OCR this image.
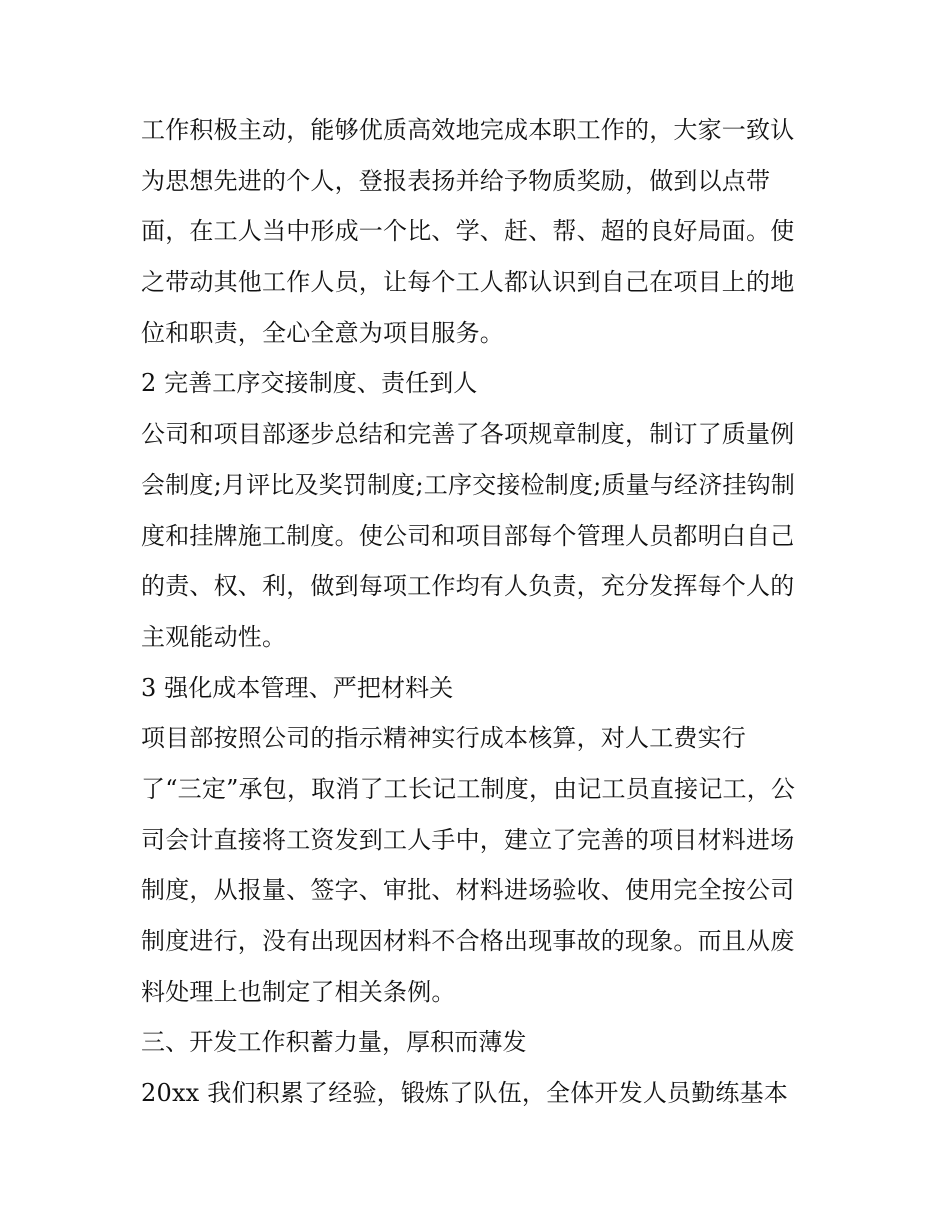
工作积极主动，能够优质高效地完成本职工作的，大家一致认
为思想先进的个人，登报表扬并给予物质奖励，做到以点带
面，在工人当中形成一个比、学、赶、帮、超的良好局面。使
之带动其他工作人员，让每个工人都认识到自己在项目上的地
位和职责，全心全意为项目服务。
2 完善工序交接制度、责任到人
公司和项目部逐步总结和完善了各项规章制度，制订了质量例
会制度;月评比及奖罚制度;工序交接检制度;质量与经济挂钩制
度和挂牌施工制度。使公司和项目部每个管理人员都明白自己
的责、权、利，做到每项工作均有人负责，充分发挥每个人的
主观能动性。
3 强化成本管理、严把材料关
项目部按照公司的指示精神实行成本核算，对人工费实行
了“三定”承包，取消了工长记工制度，由记工员直接记工，公
司会计直接将工资发到工人手中，建立了完善的项目材料进场
制度，从报量、签字、审批、材料进场验收、使用完全按公司
制度进行，没有出现因材料不合格出现事故的现象。而且从废
料处理上也制定了相关条例。
三、开发工作积蓄力量，厚积而薄发
20xx 我们积累了经验，锻炼了队伍，全体开发人员勤练基本
